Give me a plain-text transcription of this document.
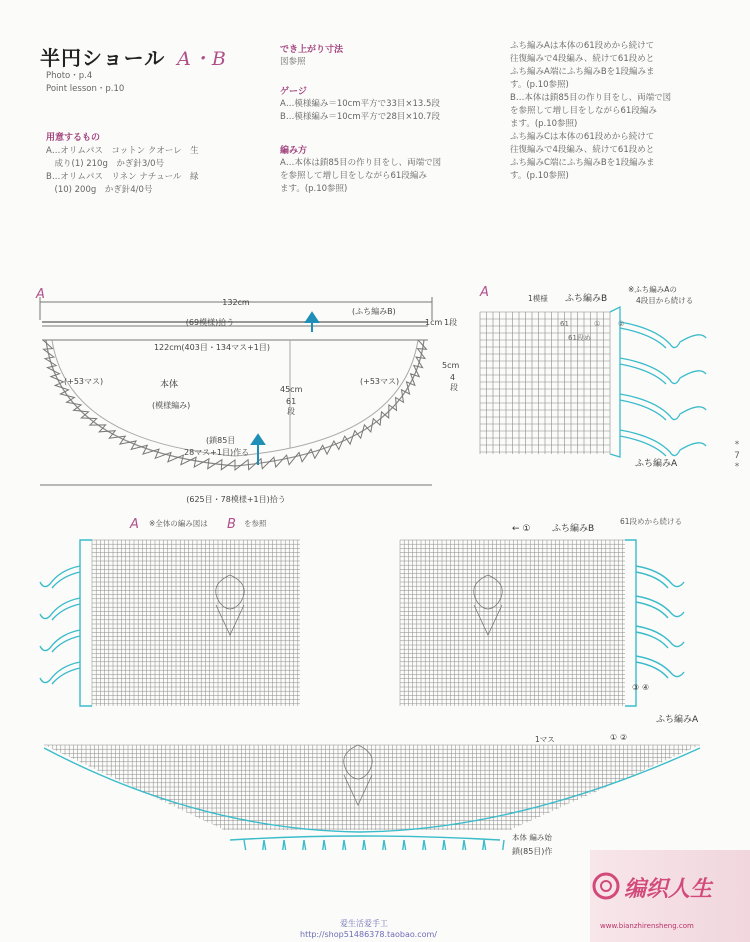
半円ショール A・B
Photo・p.4
Point lesson・p.10
用意するもの
A…オリムパス　コットン クオーレ　生
　成り(1) 210g　かぎ針3/0号
B…オリムパス　リネン ナチュール　緑
　(10) 200g　かぎ針4/0号
でき上がり寸法
図参照
ゲージ
A…模様編み＝10cm平方で33目×13.5段
B…模様編み＝10cm平方で28目×10.7段
編み方
A…本体は鎖85目の作り目をし、両端で図
を参照して増し目をしながら61段編み
ます。(p.10参照)
ふち編みAは本体の61段めから続けて
往復編みで4段編み、続けて61段めと
ふち編みA端にふち編みBを1段編みま
す。(p.10参照)
B…本体は鎖85目の作り目をし、両端で図
を参照して増し目をしながら61段編み
ます。(p.10参照)
ふち編みCは本体の61段めから続けて
往復編みで4段編み、続けて61段めと
ふち編みC端にふち編みBを1段編みま
す。(p.10参照)
A
132cm
(ふち編みB)
(69模様)拾う	1cm 1段
122cm(403目・134マス+1目)
(+53マス)	(+53マス)
本体
(模様編み)
45cm
61
段
5cm
4
段
(鎖85目
28マス+1目)作る
(625目・78模様+1目)拾う
A	1模様 ふち編みB
※ふち編みAの
4段目から続ける
ふち編みA
61	①
61段め
①
*
7
*
A ※全体の編み図は B を参照
← ① ふち編みB
61段めから続ける
③ ④
① ②
ふち編みA
1マス
本体 編み始
鎖(85目)作
编织人生
www.bianzhirensheng.com
爱生活爱手工
http://shop51486378.taobao.com/
